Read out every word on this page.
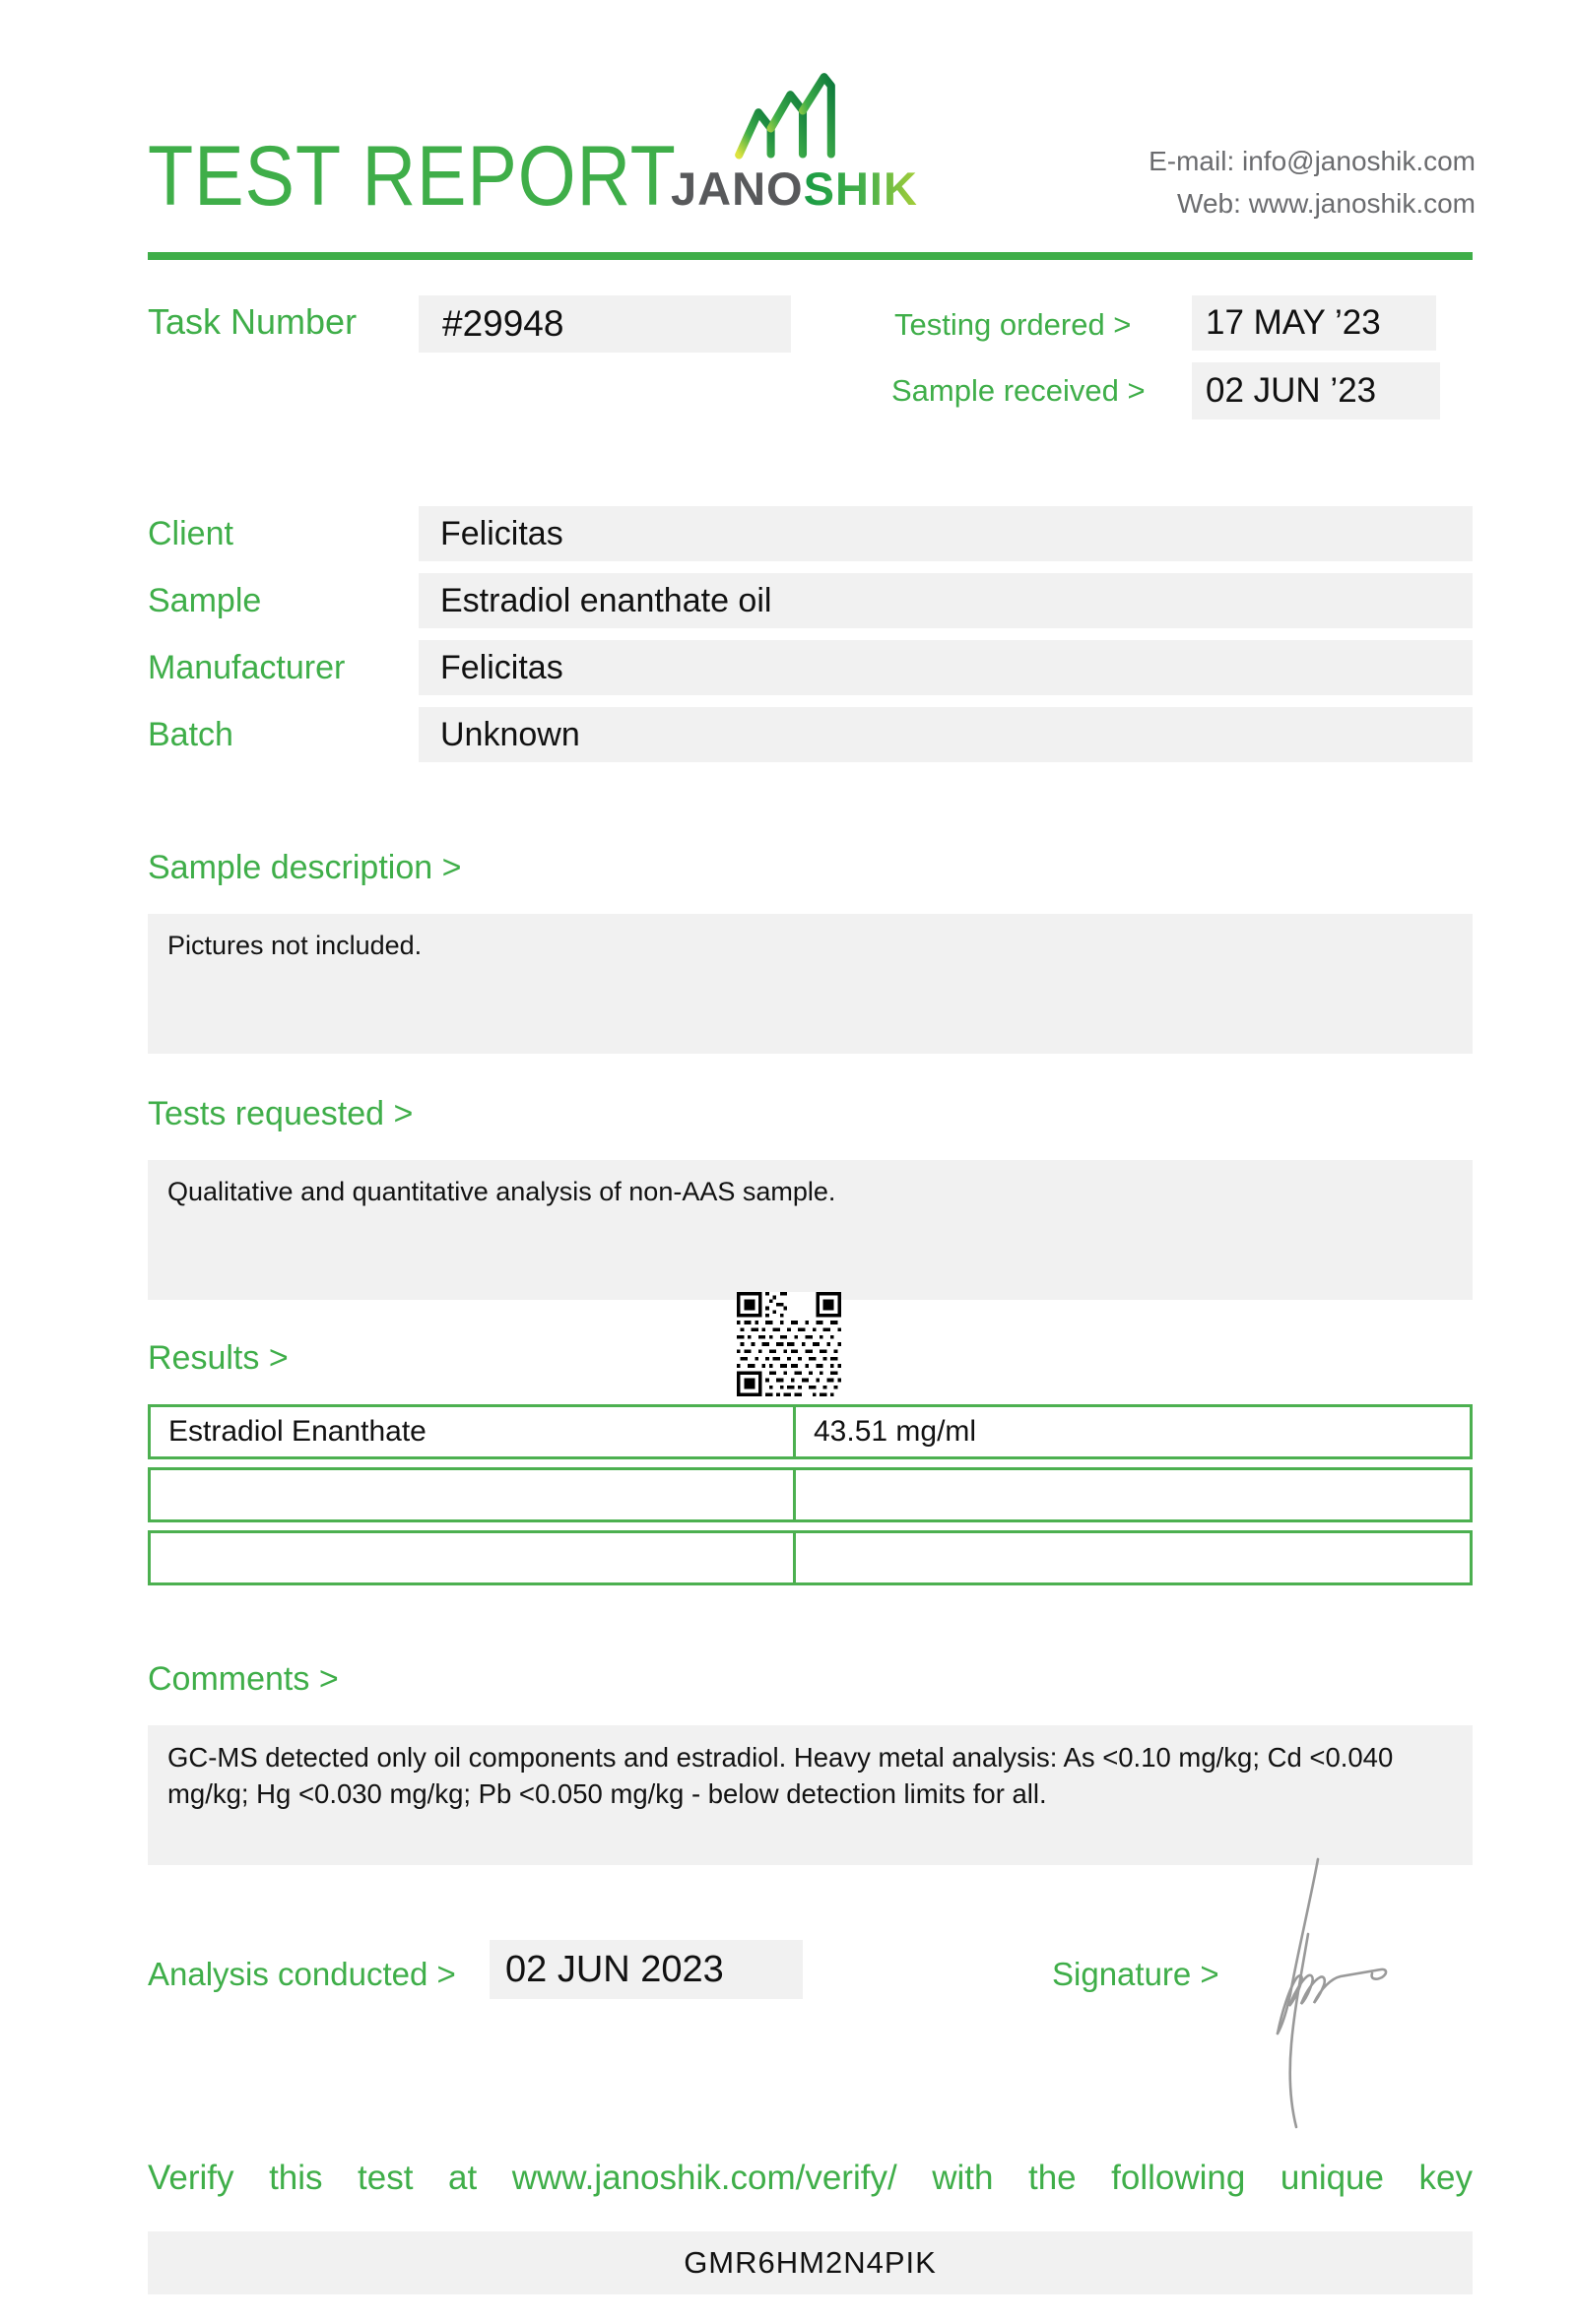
TEST REPORT
JANOSHIK
E-mail: info@janoshik.com
Web: www.janoshik.com
Task Number	#29948	Testing ordered >	17 MAY ’23
Sample received >	02 JUN ’23
Client	Felicitas
Sample	Estradiol enanthate oil
Manufacturer	Felicitas
Batch	Unknown
Sample description >
Pictures not included.
Tests requested >
Qualitative and quantitative analysis of non-AAS sample.
Results >
Estradiol Enanthate	43.51 mg/ml
Comments >
GC-MS detected only oil components and estradiol. Heavy metal analysis: As <0.10 mg/kg; Cd <0.040 mg/kg; Hg <0.030 mg/kg; Pb <0.050 mg/kg - below detection limits for all.
Analysis conducted >	02 JUN 2023	Signature >
Verify this test at www.janoshik.com/verify/ with the following unique key
GMR6HM2N4PIK
